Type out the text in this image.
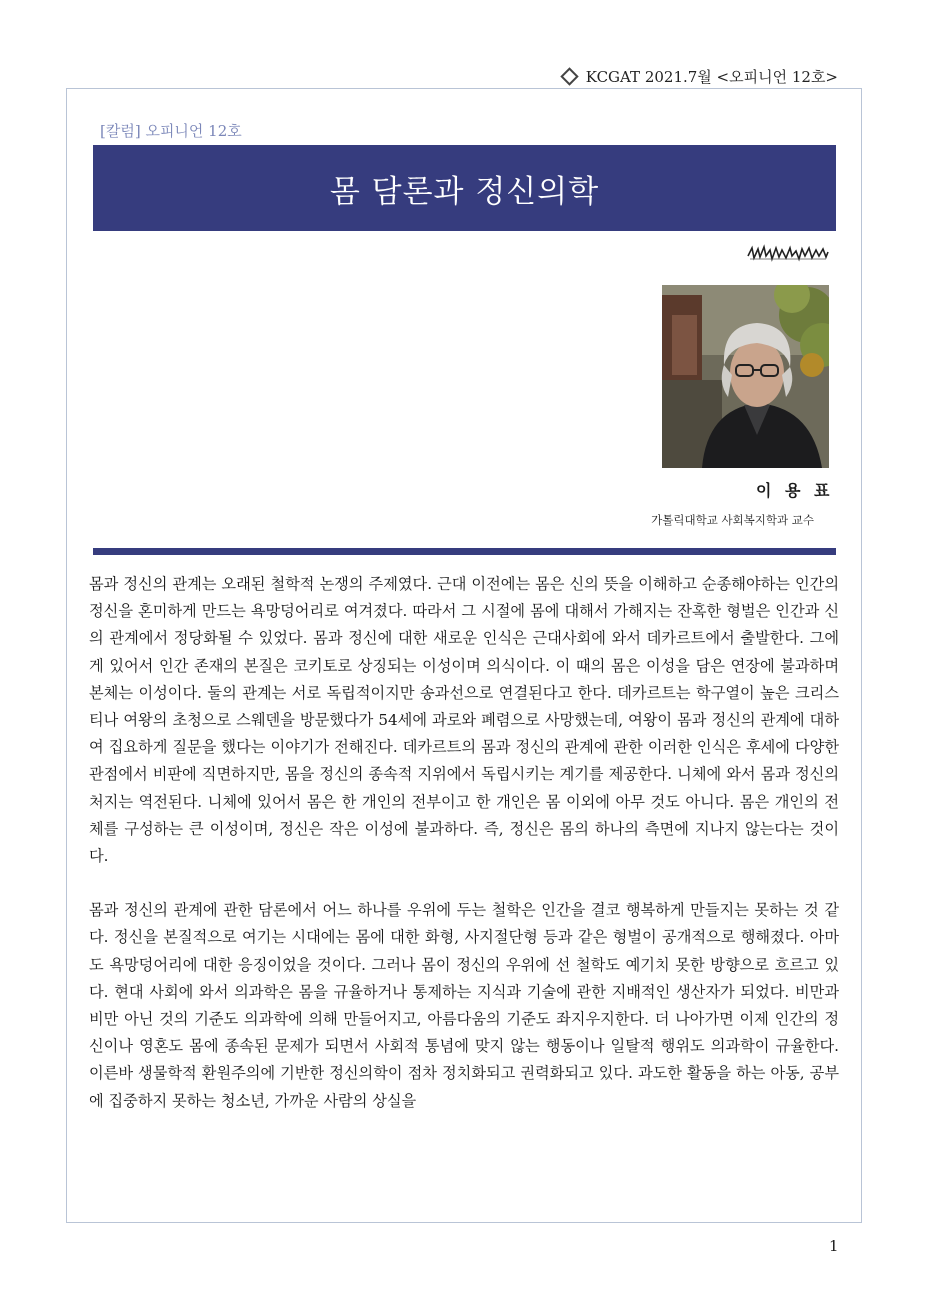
KCGAT 2021.7월 <오피니언 12호>
[칼럼] 오피니언 12호
몸 담론과 정신의학
이 용 표
가톨릭대학교 사회복지학과 교수

몸과 정신의 관계는 오래된 철학적 논쟁의 주제였다. 근대 이전에는 몸은 신의 뜻을 이해하고 순종해야하는 인간의 정신을 혼미하게 만드는 욕망덩어리로 여겨졌다. 따라서 그 시절에 몸에 대해서 가해지는 잔혹한 형벌은 인간과 신의 관계에서 정당화될 수 있었다. 몸과 정신에 대한 새로운 인식은 근대사회에 와서 데카르트에서 출발한다. 그에게 있어서 인간 존재의 본질은 코키토로 상징되는 이성이며 의식이다. 이 때의 몸은 이성을 담은 연장에 불과하며 본체는 이성이다. 둘의 관계는 서로 독립적이지만 송과선으로 연결된다고 한다. 데카르트는 학구열이 높은 크리스티나 여왕의 초청으로 스웨덴을 방문했다가 54세에 과로와 폐렴으로 사망했는데, 여왕이 몸과 정신의 관계에 대하여 집요하게 질문을 했다는 이야기가 전해진다. 데카르트의 몸과 정신의 관계에 관한 이러한 인식은 후세에 다양한 관점에서 비판에 직면하지만, 몸을 정신의 종속적 지위에서 독립시키는 계기를 제공한다. 니체에 와서 몸과 정신의 처지는 역전된다. 니체에 있어서 몸은 한 개인의 전부이고 한 개인은 몸 이외에 아무 것도 아니다. 몸은 개인의 전체를 구성하는 큰 이성이며, 정신은 작은 이성에 불과하다. 즉, 정신은 몸의 하나의 측면에 지나지 않는다는 것이다.

몸과 정신의 관계에 관한 담론에서 어느 하나를 우위에 두는 철학은 인간을 결코 행복하게 만들지는 못하는 것 같다. 정신을 본질적으로 여기는 시대에는 몸에 대한 화형, 사지절단형 등과 같은 형벌이 공개적으로 행해졌다. 아마도 욕망덩어리에 대한 응징이었을 것이다. 그러나 몸이 정신의 우위에 선 철학도 예기치 못한 방향으로 흐르고 있다. 현대 사회에 와서 의과학은 몸을 규율하거나 통제하는 지식과 기술에 관한 지배적인 생산자가 되었다. 비만과 비만 아닌 것의 기준도 의과학에 의해 만들어지고, 아름다움의 기준도 좌지우지한다. 더 나아가면 이제 인간의 정신이나 영혼도 몸에 종속된 문제가 되면서 사회적 통념에 맞지 않는 행동이나 일탈적 행위도 의과학이 규율한다. 이른바 생물학적 환원주의에 기반한 정신의학이 점차 정치화되고 권력화되고 있다. 과도한 활동을 하는 아동, 공부에 집중하지 못하는 청소년, 가까운 사람의 상실을

1
